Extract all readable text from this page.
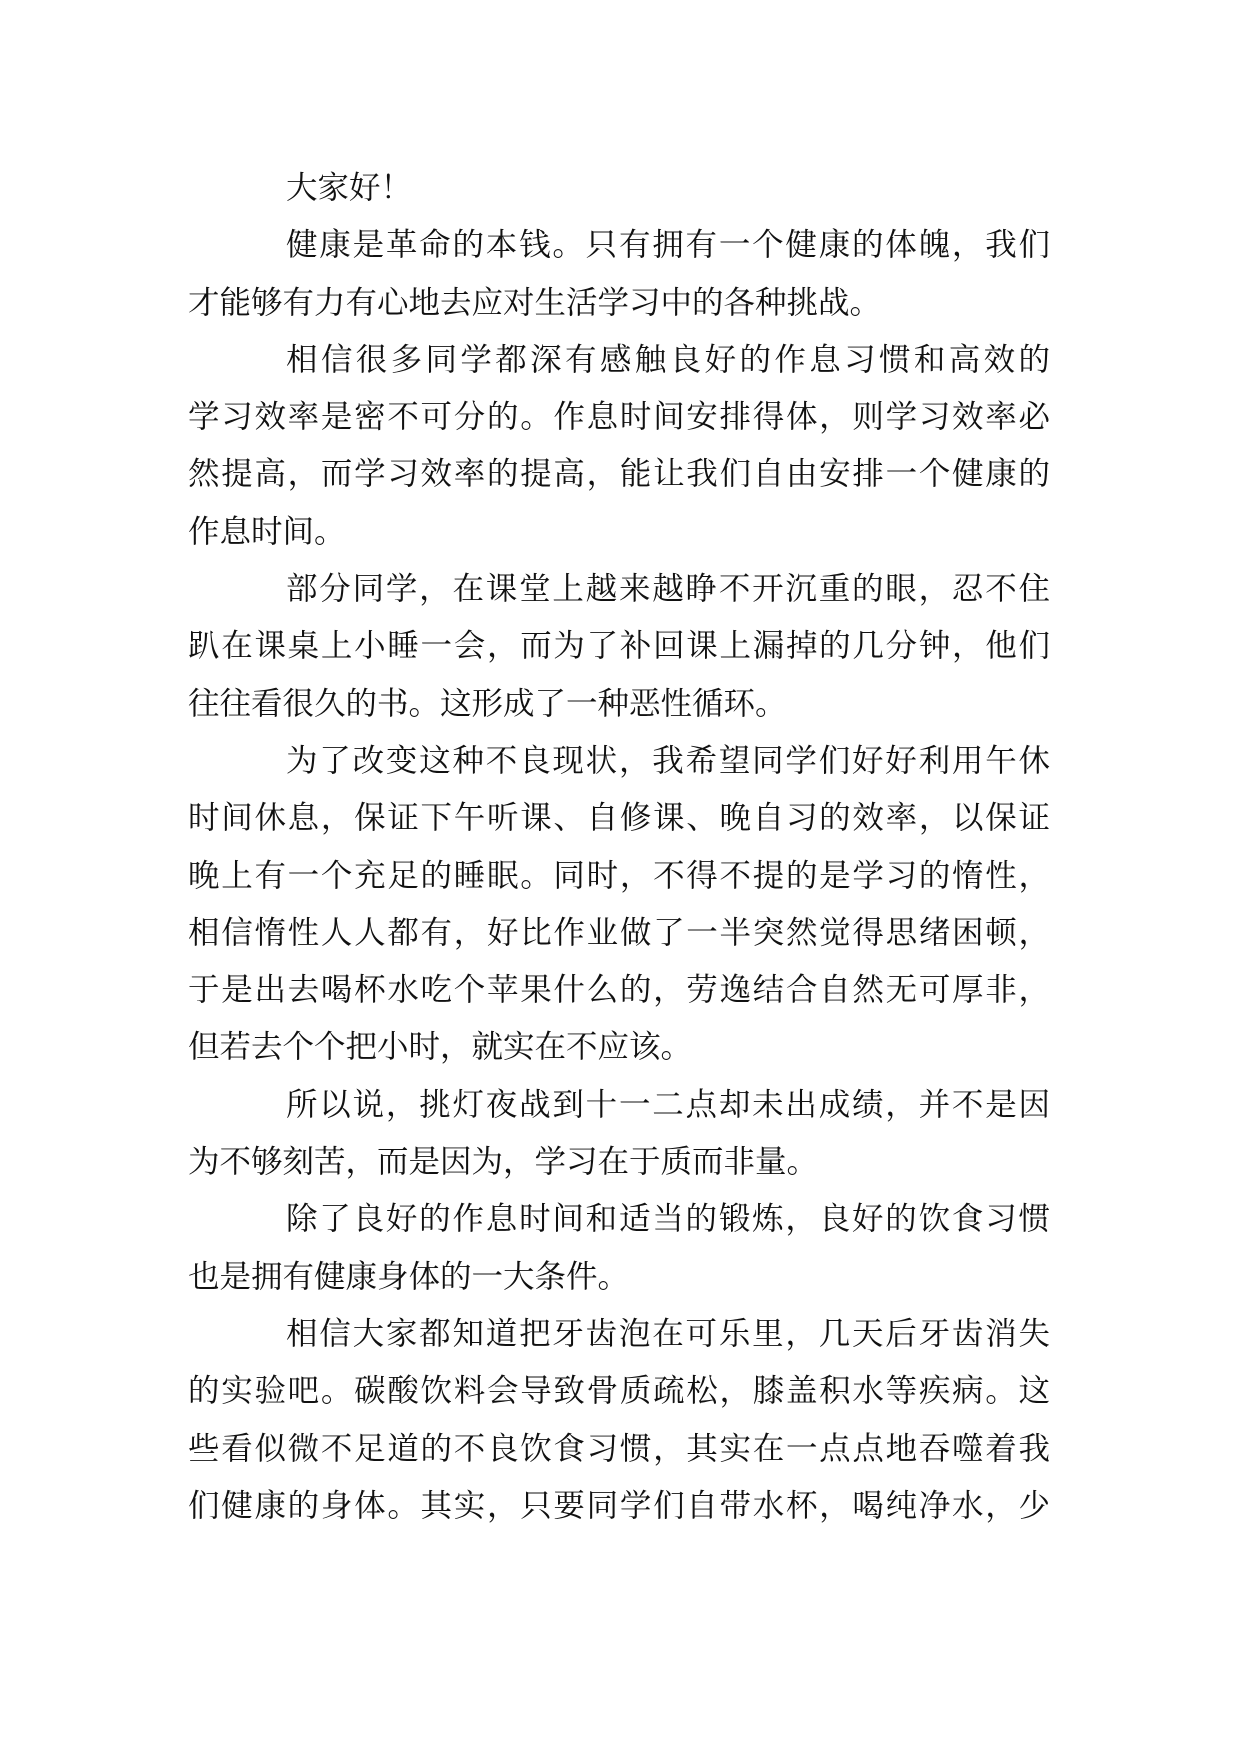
大家好！
健康是革命的本钱。只有拥有一个健康的体魄，我们
才能够有力有心地去应对生活学习中的各种挑战。
相信很多同学都深有感触良好的作息习惯和高效的
学习效率是密不可分的。作息时间安排得体，则学习效率必
然提高，而学习效率的提高，能让我们自由安排一个健康的
作息时间。
部分同学，在课堂上越来越睁不开沉重的眼，忍不住
趴在课桌上小睡一会，而为了补回课上漏掉的几分钟，他们
往往看很久的书。这形成了一种恶性循环。
为了改变这种不良现状，我希望同学们好好利用午休
时间休息，保证下午听课、自修课、晚自习的效率，以保证
晚上有一个充足的睡眠。同时，不得不提的是学习的惰性，
相信惰性人人都有，好比作业做了一半突然觉得思绪困顿，
于是出去喝杯水吃个苹果什么的，劳逸结合自然无可厚非，
但若去个个把小时，就实在不应该。
所以说，挑灯夜战到十一二点却未出成绩，并不是因
为不够刻苦，而是因为，学习在于质而非量。
除了良好的作息时间和适当的锻炼，良好的饮食习惯
也是拥有健康身体的一大条件。
相信大家都知道把牙齿泡在可乐里，几天后牙齿消失
的实验吧。碳酸饮料会导致骨质疏松，膝盖积水等疾病。这
些看似微不足道的不良饮食习惯，其实在一点点地吞噬着我
们健康的身体。其实，只要同学们自带水杯，喝纯净水，少
